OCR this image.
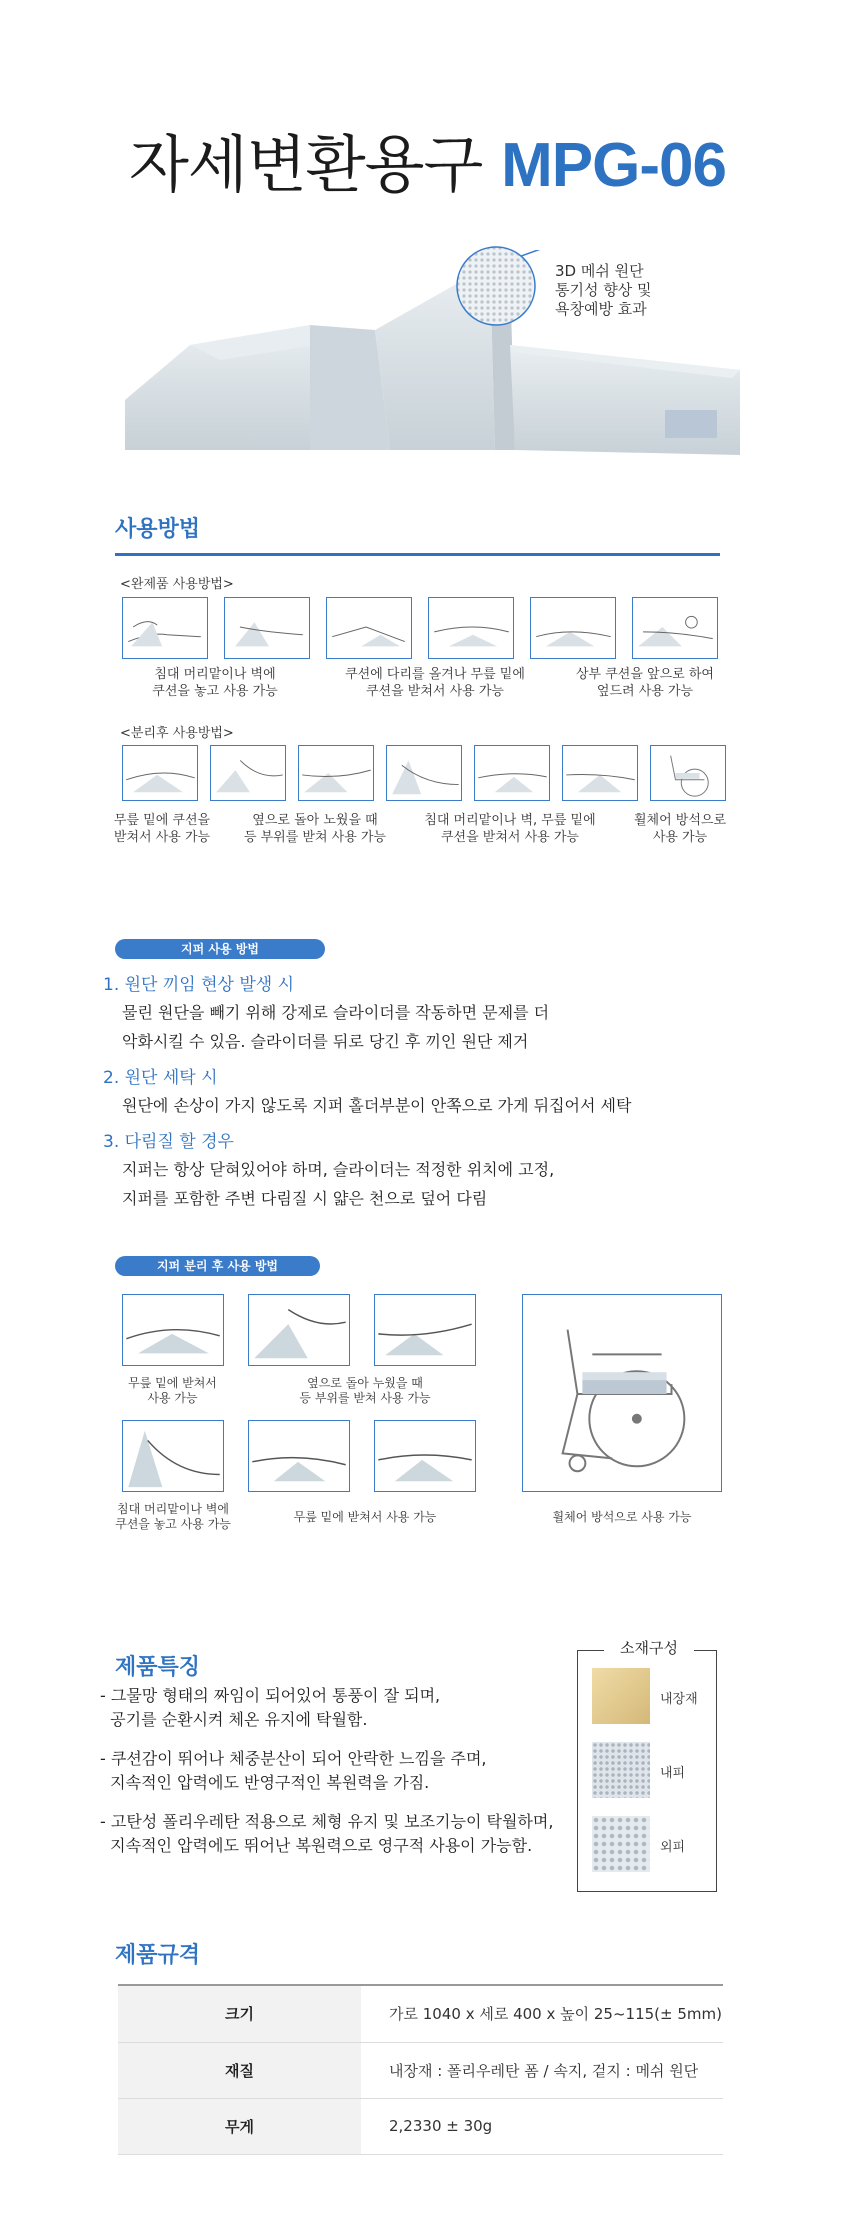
자세변환용구 MPG-06
3D 메쉬 원단
통기성 향상 및
욕창예방 효과
사용방법
<완제품 사용방법>
침대 머리맡이나 벽에
쿠션을 놓고 사용 가능
쿠션에 다리를 올겨나 무릎 밑에
쿠션을 받쳐서 사용 가능
상부 쿠션을 앞으로 하여
엎드려 사용 가능
<분리후 사용방법>
무릎 밑에 쿠션을
받쳐서 사용 가능
옆으로 돌아 노웠을 때
등 부위를 받쳐 사용 가능
침대 머리맡이나 벽, 무릎 밑에
쿠션을 받쳐서 사용 가능
휠체어 방석으로
사용 가능
지퍼 사용 방법
1. 원단 끼임 현상 발생 시
물린 원단을 빼기 위해 강제로 슬라이더를 작동하면 문제를 더
악화시킬 수 있음. 슬라이더를 뒤로 당긴 후 끼인 원단 제거
2. 원단 세탁 시
원단에 손상이 가지 않도록 지퍼 홀더부분이 안쪽으로 가게 뒤집어서 세탁
3. 다림질 할 경우
지퍼는 항상 닫혀있어야 하며, 슬라이더는 적정한 위치에 고정,
지퍼를 포함한 주변 다림질 시 얇은 천으로 덮어 다림
지퍼 분리 후 사용 방법
무릎 밑에 받쳐서
사용 가능
옆으로 돌아 누웠을 때
등 부위를 받쳐 사용 가능
침대 머리맡이나 벽에
쿠션을 놓고 사용 가능	무릎 밑에 받쳐서 사용 가능	휠체어 방석으로 사용 가능
제품특징
- 그물망 형태의 짜임이 되어있어 통풍이 잘 되며,
공기를 순환시켜 체온 유지에 탁월함.
- 쿠션감이 뛰어나 체중분산이 되어 안락한 느낌을 주며,
지속적인 압력에도 반영구적인 복원력을 가짐.
- 고탄성 폴리우레탄 적용으로 체형 유지 및 보조기능이 탁월하며,
지속적인 압력에도 뛰어난 복원력으로 영구적 사용이 가능함.
소재구성
내장재
내피
외피
제품규격
크기	가로 1040 x 세로 400 x 높이 25~115(± 5mm)
재질	내장재 : 폴리우레탄 폼 / 속지, 겉지 : 메쉬 원단
무게	2,2330 ± 30g
